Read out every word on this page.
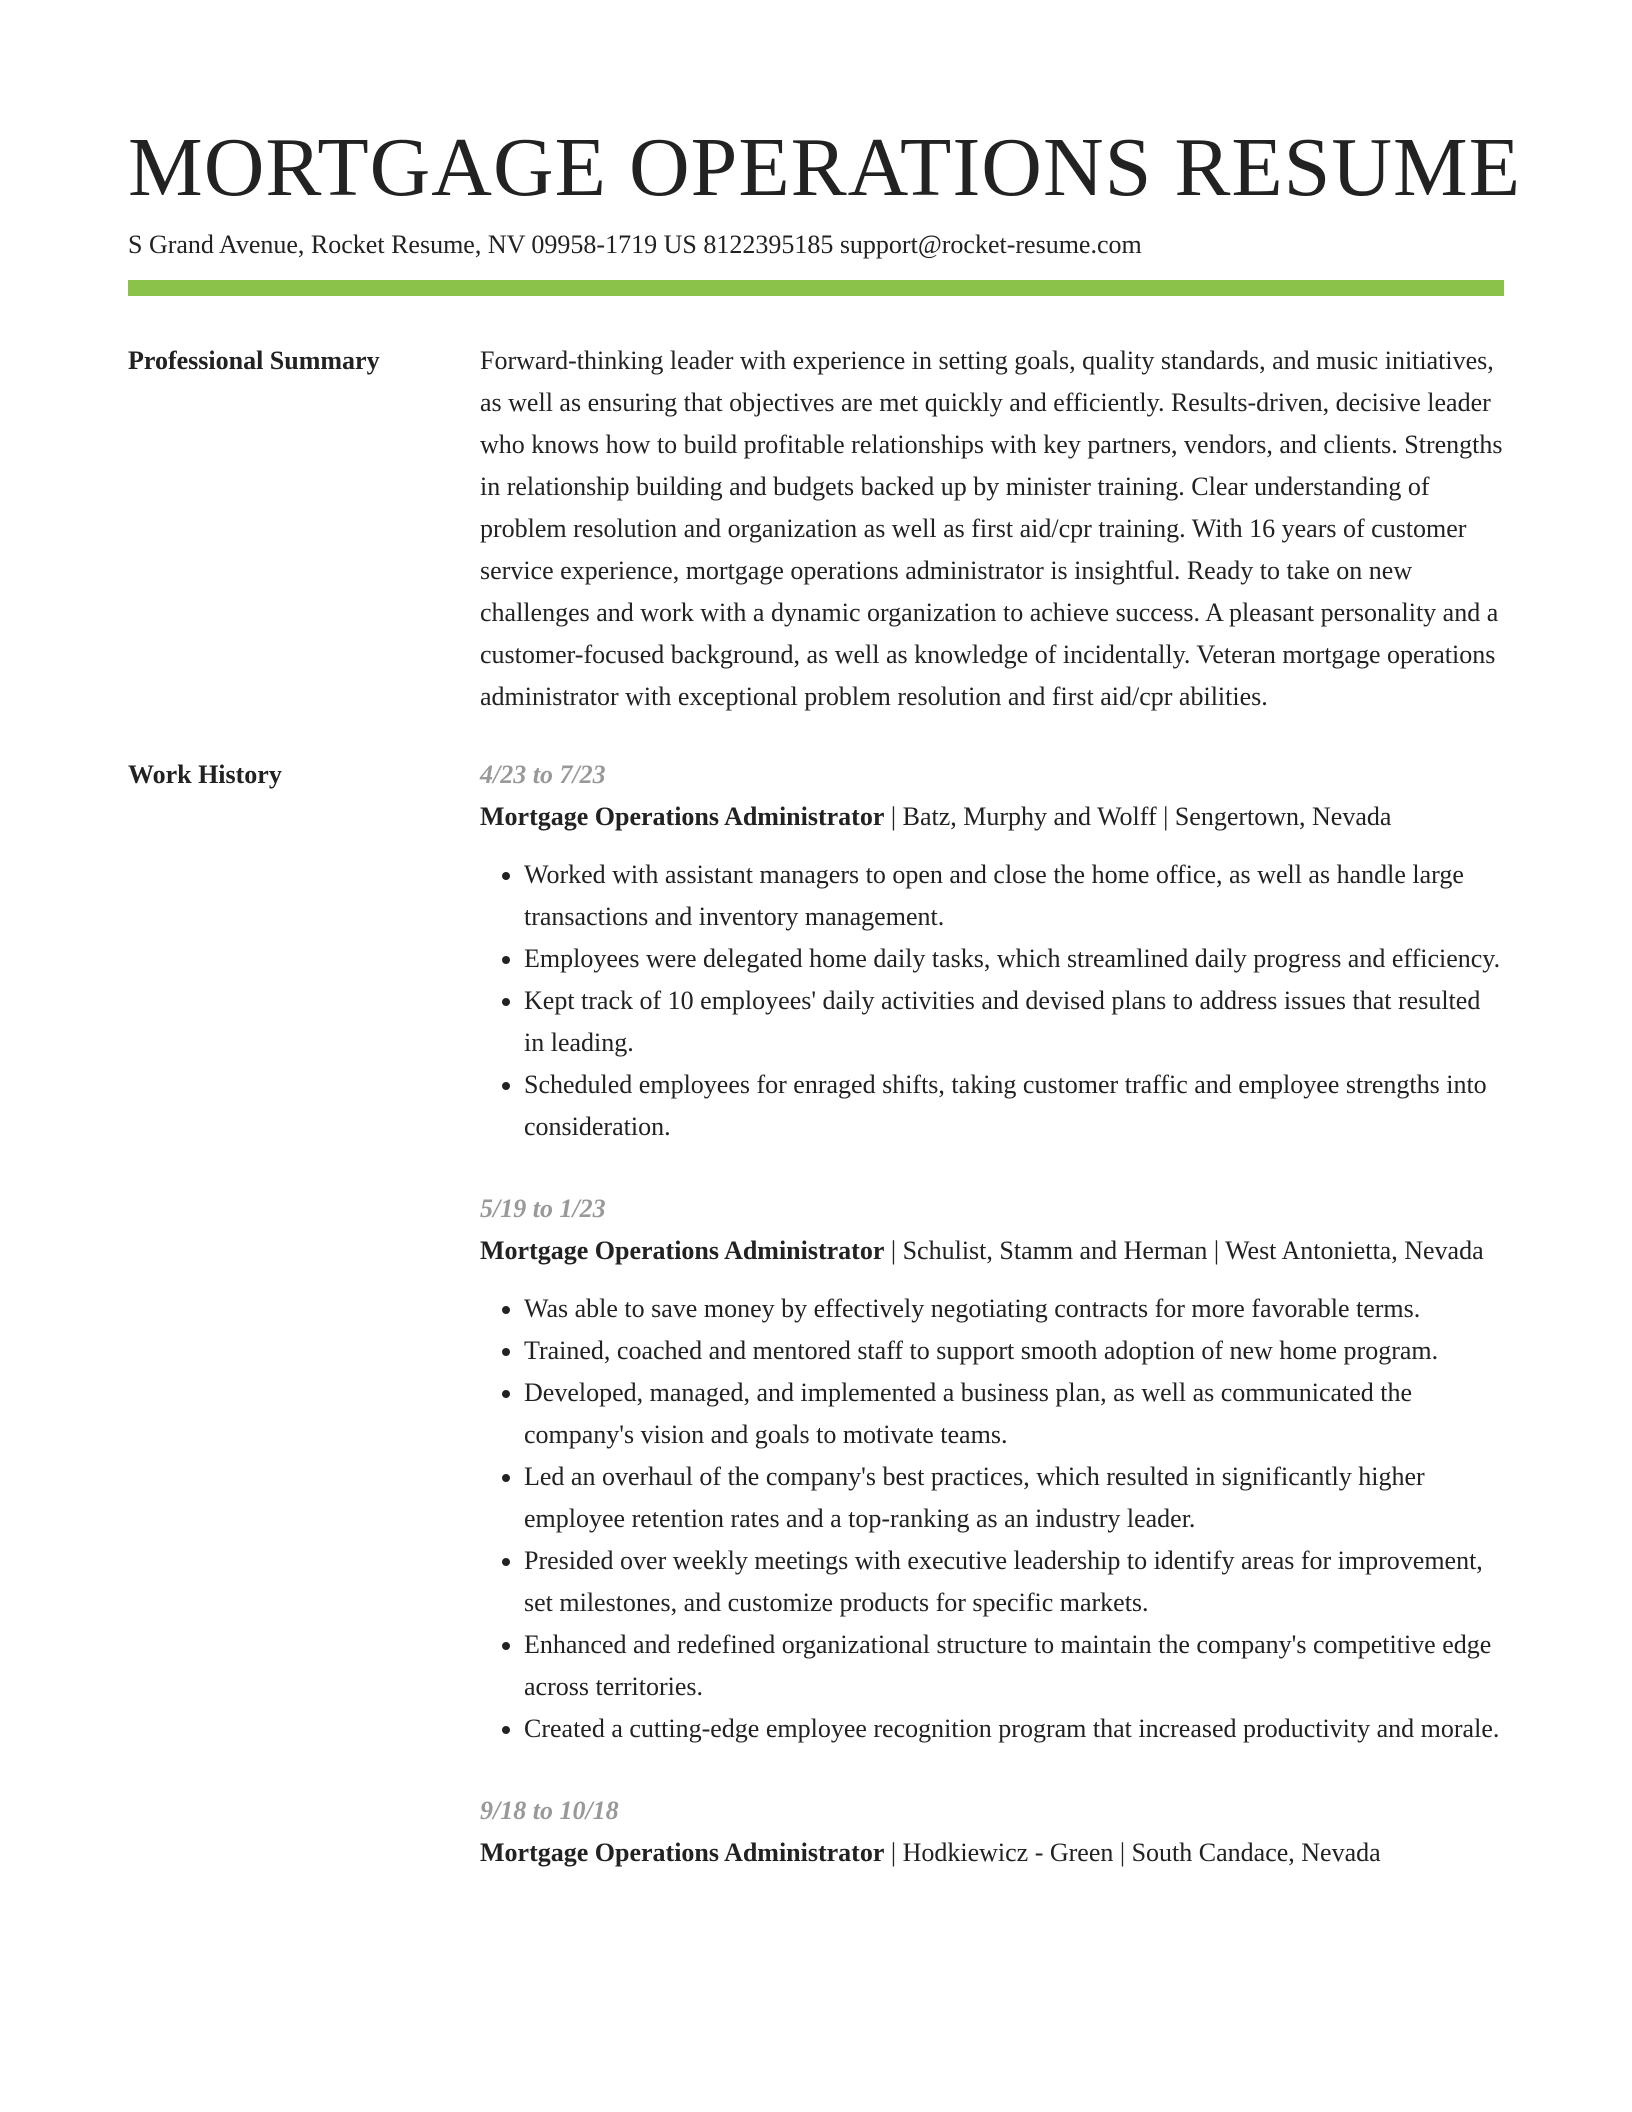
MORTGAGE OPERATIONS RESUME
S Grand Avenue, Rocket Resume, NV 09958-1719 US 8122395185 support@rocket-resume.com
Professional Summary	Forward-thinking leader with experience in setting goals, quality standards, and music initiatives, as well as ensuring that objectives are met quickly and efficiently. Results-driven, decisive leader who knows how to build profitable relationships with key partners, vendors, and clients. Strengths in relationship building and budgets backed up by minister training. Clear understanding of problem resolution and organization as well as first aid/cpr training. With 16 years of customer service experience, mortgage operations administrator is insightful. Ready to take on new challenges and work with a dynamic organization to achieve success. A pleasant personality and a customer-focused background, as well as knowledge of incidentally. Veteran mortgage operations administrator with exceptional problem resolution and first aid/cpr abilities.

Work History	4/23 to 7/23

Mortgage Operations Administrator | Batz, Murphy and Wolff | Sengertown, Nevada

• Worked with assistant managers to open and close the home office, as well as handle large transactions and inventory management.
• Employees were delegated home daily tasks, which streamlined daily progress and efficiency.
• Kept track of 10 employees' daily activities and devised plans to address issues that resulted in leading.
• Scheduled employees for enraged shifts, taking customer traffic and employee strengths into consideration.
5/19 to 1/23

Mortgage Operations Administrator | Schulist, Stamm and Herman | West Antonietta, Nevada

• Was able to save money by effectively negotiating contracts for more favorable terms.
• Trained, coached and mentored staff to support smooth adoption of new home program.
• Developed, managed, and implemented a business plan, as well as communicated the company's vision and goals to motivate teams.
• Led an overhaul of the company's best practices, which resulted in significantly higher employee retention rates and a top-ranking as an industry leader.
• Presided over weekly meetings with executive leadership to identify areas for improvement, set milestones, and customize products for specific markets.
• Enhanced and redefined organizational structure to maintain the company's competitive edge across territories.
• Created a cutting-edge employee recognition program that increased productivity and morale.
9/18 to 10/18

Mortgage Operations Administrator | Hodkiewicz - Green | South Candace, Nevada
